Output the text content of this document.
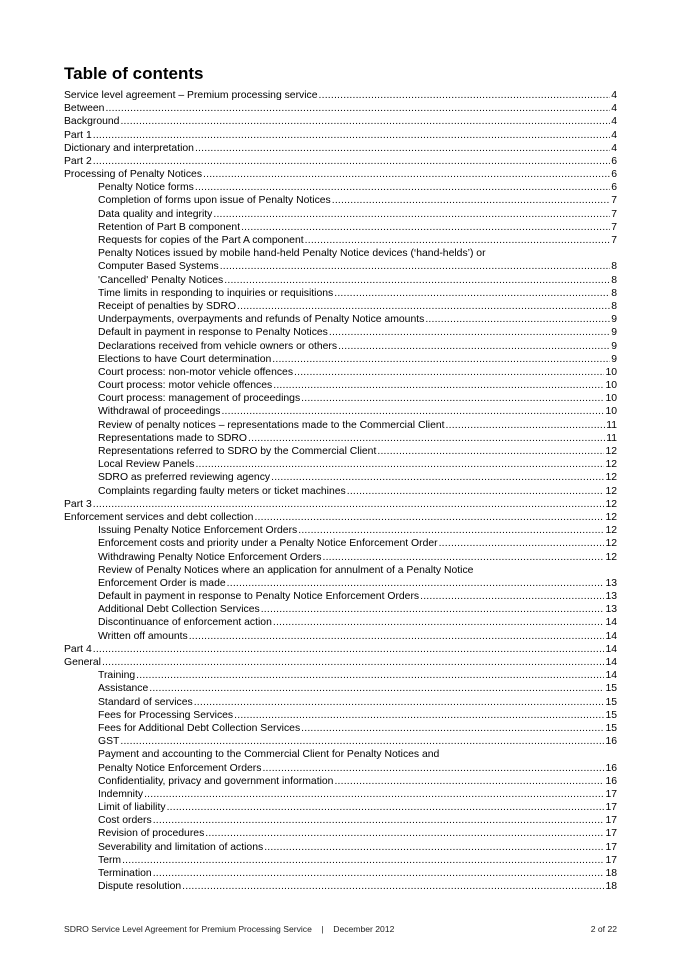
Table of contents
Service level agreement – Premium processing service .....	4
Between .....	4
Background .....	4
Part 1 .....	4
Dictionary and interpretation .....	4
Part 2 .....	6
Processing of Penalty Notices .....	6
Penalty Notice forms .....	6
Completion of forms upon issue of Penalty Notices .....	7
Data quality and integrity .....	7
Retention of Part B component .....	7
Requests for copies of the Part A component .....	7
Penalty Notices issued by mobile hand-held Penalty Notice devices (‘hand-helds’) or
Computer Based Systems .....	8
'Cancelled' Penalty Notices .....	8
Time limits in responding to inquiries or requisitions .....	8
Receipt of penalties by SDRO .....	8
Underpayments, overpayments and refunds of Penalty Notice amounts .....	9
Default in payment in response to Penalty Notices .....	9
Declarations received from vehicle owners or others .....	9
Elections to have Court determination .....	9
Court process: non-motor vehicle offences .....	10
Court process: motor vehicle offences .....	10
Court process: management of proceedings .....	10
Withdrawal of proceedings .....	10
Review of penalty notices – representations made to the Commercial Client .....	11
Representations made to SDRO .....	11
Representations referred to SDRO by the Commercial Client .....	12
Local Review Panels .....	12
SDRO as preferred reviewing agency .....	12
Complaints regarding faulty meters or ticket machines .....	12
Part 3 .....	12
Enforcement services and debt collection .....	12
Issuing Penalty Notice Enforcement Orders .....	12
Enforcement costs and priority under a Penalty Notice Enforcement Order .....	12
Withdrawing Penalty Notice Enforcement Orders .....	12
Review of Penalty Notices where an application for annulment of a Penalty Notice
Enforcement Order is made .....	13
Default in payment in response to Penalty Notice Enforcement Orders .....	13
Additional Debt Collection Services .....	13
Discontinuance of enforcement action .....	14
Written off amounts .....	14
Part 4 .....	14
General .....	14
Training .....	14
Assistance .....	15
Standard of services .....	15
Fees for Processing Services .....	15
Fees for Additional Debt Collection Services .....	15
GST .....	16
Payment and accounting to the Commercial Client for Penalty Notices and
Penalty Notice Enforcement Orders .....	16
Confidentiality, privacy and government information .....	16
Indemnity .....	17
Limit of liability .....	17
Cost orders .....	17
Revision of procedures .....	17
Severability and limitation of actions .....	17
Term .....	17
Termination .....	18
Dispute resolution .....	18
SDRO Service Level Agreement for Premium Processing Service | December 2012	2 of 22
